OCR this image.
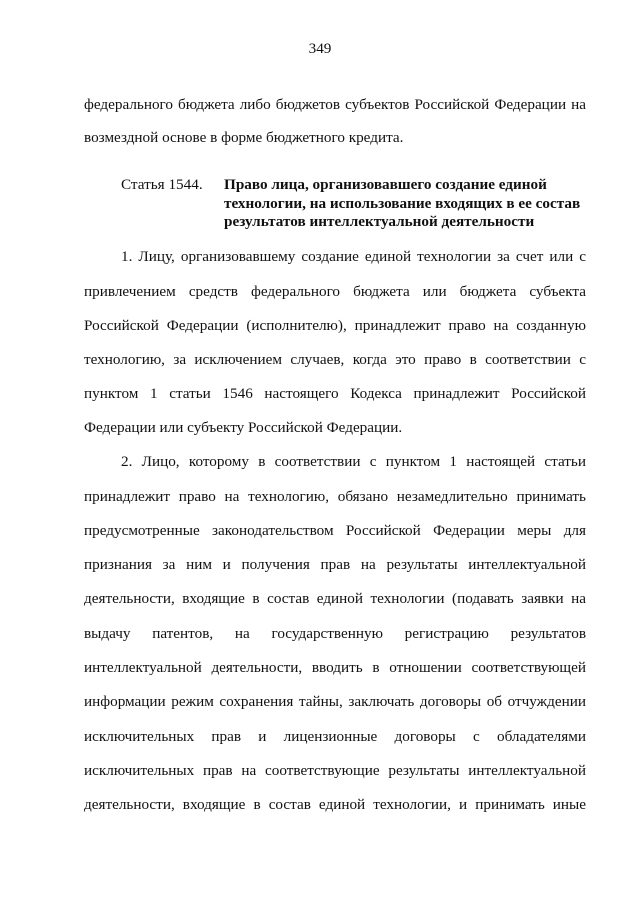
349
федерального бюджета либо бюджетов субъектов Российской Федерации на
возмездной основе в форме бюджетного кредита.
Статья 1544. Право лица, организовавшего создание единой
технологии, на использование входящих в ее состав
результатов интеллектуальной деятельности
1. Лицу, организовавшему создание единой технологии за счет или с
привлечением средств федерального бюджета или бюджета субъекта
Российской Федерации (исполнителю), принадлежит право на созданную
технологию, за исключением случаев, когда это право в соответствии с
пунктом 1 статьи 1546 настоящего Кодекса принадлежит Российской
Федерации или субъекту Российской Федерации.
2. Лицо, которому в соответствии с пунктом 1 настоящей статьи
принадлежит право на технологию, обязано незамедлительно принимать
предусмотренные законодательством Российской Федерации меры для
признания за ним и получения прав на результаты интеллектуальной
деятельности, входящие в состав единой технологии (подавать заявки на
выдачу патентов, на государственную регистрацию результатов
интеллектуальной деятельности, вводить в отношении соответствующей
информации режим сохранения тайны, заключать договоры об отчуждении
исключительных прав и лицензионные договоры с обладателями
исключительных прав на соответствующие результаты интеллектуальной
деятельности, входящие в состав единой технологии, и принимать иные
